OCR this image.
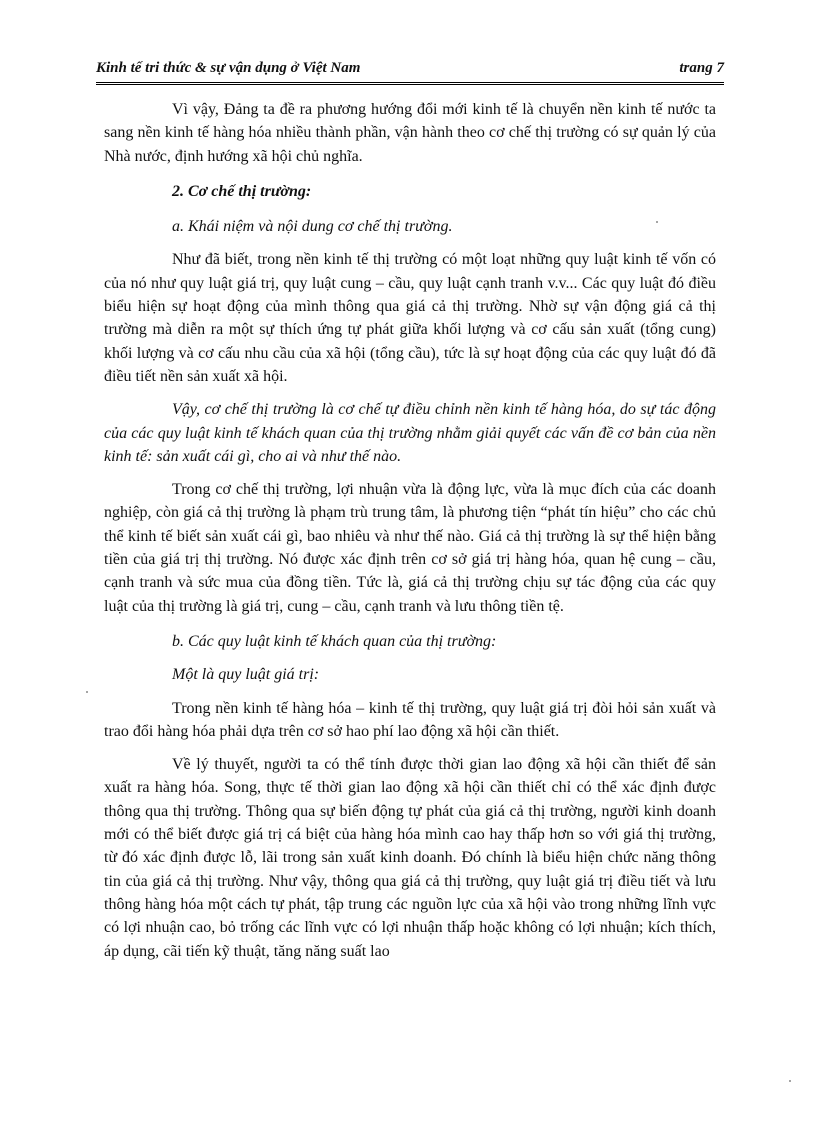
Kinh tế tri thức & sự vận dụng ở Việt Nam	trang 7

Vì vậy, Đảng ta đề ra phương hướng đổi mới kinh tế là chuyển nền kinh tế nước ta sang nền kinh tế hàng hóa nhiều thành phần, vận hành theo cơ chế thị trường có sự quản lý của Nhà nước, định hướng xã hội chủ nghĩa.

2. Cơ chế thị trường:

a. Khái niệm và nội dung cơ chế thị trường.

Như đã biết, trong nền kinh tế thị trường có một loạt những quy luật kinh tế vốn có của nó như quy luật giá trị, quy luật cung – cầu, quy luật cạnh tranh v.v... Các quy luật đó điều biểu hiện sự hoạt động của mình thông qua giá cả thị trường. Nhờ sự vận động giá cả thị trường mà diễn ra một sự thích ứng tự phát giữa khối lượng và cơ cấu sản xuất (tổng cung) khối lượng và cơ cấu nhu cầu của xã hội (tổng cầu), tức là sự hoạt động của các quy luật đó đã điều tiết nền sản xuất xã hội.

Vậy, cơ chế thị trường là cơ chế tự điều chỉnh nền kinh tế hàng hóa, do sự tác động của các quy luật kinh tế khách quan của thị trường nhằm giải quyết các vấn đề cơ bản của nền kinh tế: sản xuất cái gì, cho ai và như thế nào.

Trong cơ chế thị trường, lợi nhuận vừa là động lực, vừa là mục đích của các doanh nghiệp, còn giá cả thị trường là phạm trù trung tâm, là phương tiện “phát tín hiệu” cho các chủ thể kinh tế biết sản xuất cái gì, bao nhiêu và như thế nào. Giá cả thị trường là sự thể hiện bằng tiền của giá trị thị trường. Nó được xác định trên cơ sở giá trị hàng hóa, quan hệ cung – cầu, cạnh tranh và sức mua của đồng tiền. Tức là, giá cả thị trường chịu sự tác động của các quy luật của thị trường là giá trị, cung – cầu, cạnh tranh và lưu thông tiền tệ.

b. Các quy luật kinh tế khách quan của thị trường:

Một là quy luật giá trị:

Trong nền kinh tế hàng hóa – kinh tế thị trường, quy luật giá trị đòi hỏi sản xuất và trao đổi hàng hóa phải dựa trên cơ sở hao phí lao động xã hội cần thiết.

Về lý thuyết, người ta có thể tính được thời gian lao động xã hội cần thiết để sản xuất ra hàng hóa. Song, thực tế thời gian lao động xã hội cần thiết chỉ có thể xác định được thông qua thị trường. Thông qua sự biến động tự phát của giá cả thị trường, người kinh doanh mới có thể biết được giá trị cá biệt của hàng hóa mình cao hay thấp hơn so với giá thị trường, từ đó xác định được lỗ, lãi trong sản xuất kinh doanh. Đó chính là biểu hiện chức năng thông tin của giá cả thị trường. Như vậy, thông qua giá cả thị trường, quy luật giá trị điều tiết và lưu thông hàng hóa một cách tự phát, tập trung các nguồn lực của xã hội vào trong những lĩnh vực có lợi nhuận cao, bỏ trống các lĩnh vực có lợi nhuận thấp hoặc không có lợi nhuận; kích thích, áp dụng, cãi tiến kỹ thuật, tăng năng suất lao
